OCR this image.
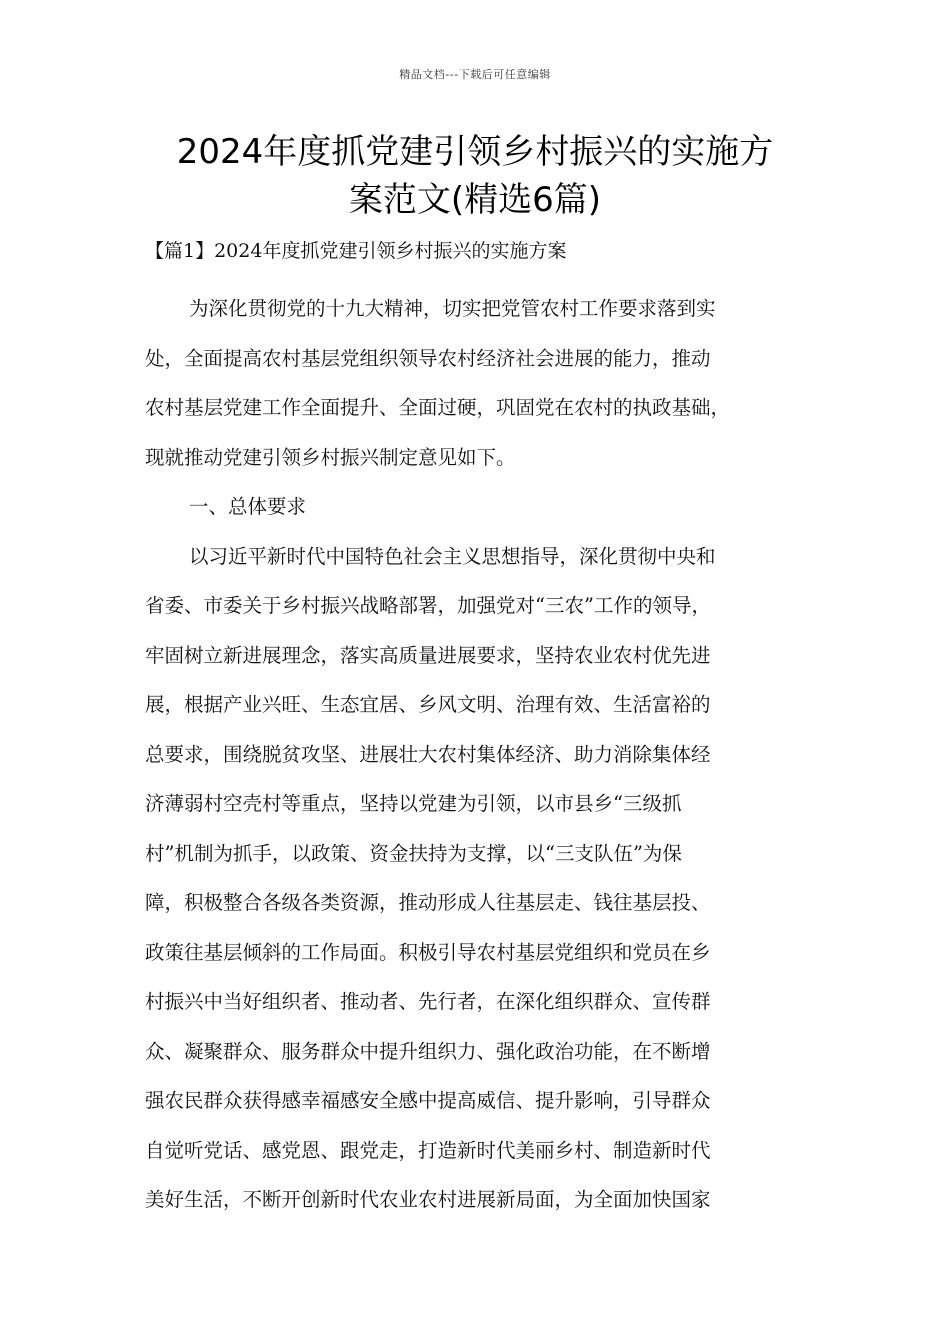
精品文档---下载后可任意编辑
2024年度抓党建引领乡村振兴的实施方
案范文(精选6篇)
【篇1】2024年度抓党建引领乡村振兴的实施方案
为深化贯彻党的十九大精神，切实把党管农村工作要求落到实
处，全面提高农村基层党组织领导农村经济社会进展的能力，推动
农村基层党建工作全面提升、全面过硬，巩固党在农村的执政基础，
现就推动党建引领乡村振兴制定意见如下。
一、总体要求
以习近平新时代中国特色社会主义思想指导，深化贯彻中央和
省委、市委关于乡村振兴战略部署，加强党对“三农”工作的领导，
牢固树立新进展理念，落实高质量进展要求，坚持农业农村优先进
展，根据产业兴旺、生态宜居、乡风文明、治理有效、生活富裕的
总要求，围绕脱贫攻坚、进展壮大农村集体经济、助力消除集体经
济薄弱村空壳村等重点，坚持以党建为引领，以市县乡“三级抓
村”机制为抓手，以政策、资金扶持为支撑，以“三支队伍”为保
障，积极整合各级各类资源，推动形成人往基层走、钱往基层投、
政策往基层倾斜的工作局面。积极引导农村基层党组织和党员在乡
村振兴中当好组织者、推动者、先行者，在深化组织群众、宣传群
众、凝聚群众、服务群众中提升组织力、强化政治功能，在不断增
强农民群众获得感幸福感安全感中提高威信、提升影响，引导群众
自觉听党话、感党恩、跟党走，打造新时代美丽乡村、制造新时代
美好生活，不断开创新时代农业农村进展新局面，为全面加快国家
